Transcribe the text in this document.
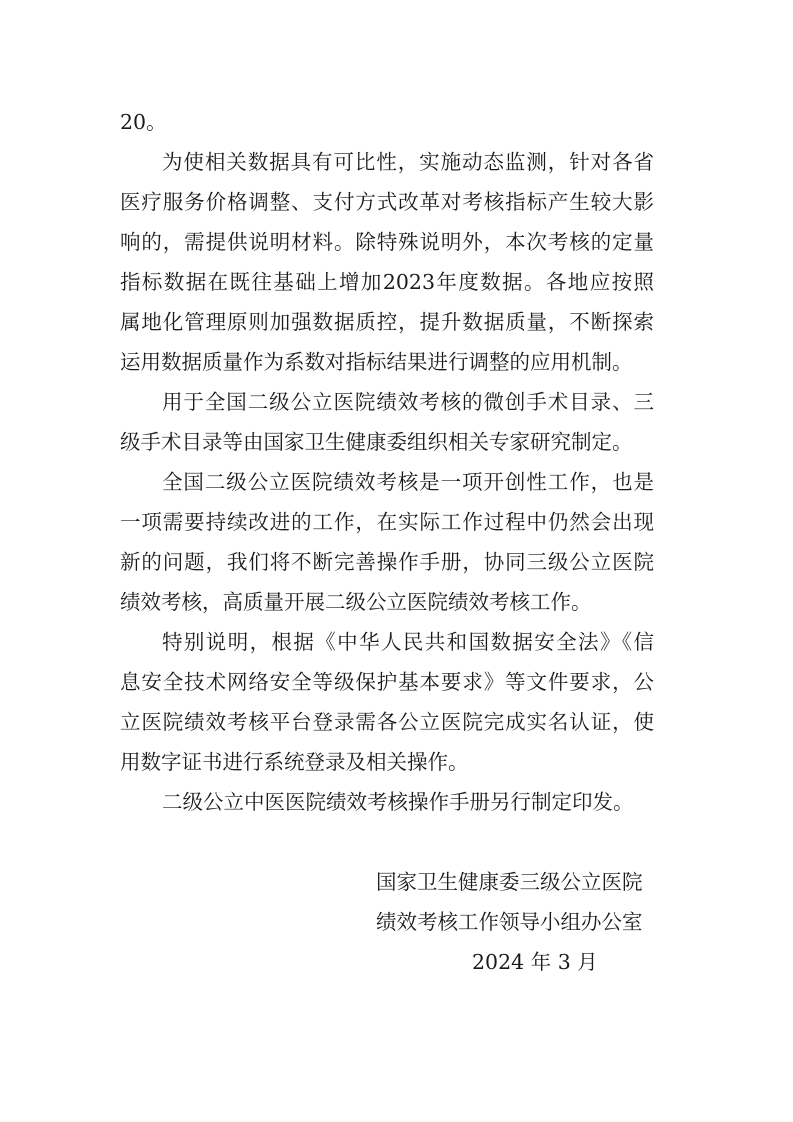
20。
为使相关数据具有可比性，实施动态监测，针对各省
医疗服务价格调整、支付方式改革对考核指标产生较大影
响的，需提供说明材料。除特殊说明外，本次考核的定量
指标数据在既往基础上增加2023年度数据。各地应按照
属地化管理原则加强数据质控，提升数据质量，不断探索
运用数据质量作为系数对指标结果进行调整的应用机制。
用于全国二级公立医院绩效考核的微创手术目录、三
级手术目录等由国家卫生健康委组织相关专家研究制定。
全国二级公立医院绩效考核是一项开创性工作，也是
一项需要持续改进的工作，在实际工作过程中仍然会出现
新的问题，我们将不断完善操作手册，协同三级公立医院
绩效考核，高质量开展二级公立医院绩效考核工作。
特别说明，根据《中华人民共和国数据安全法》《信
息安全技术网络安全等级保护基本要求》等文件要求，公
立医院绩效考核平台登录需各公立医院完成实名认证，使
用数字证书进行系统登录及相关操作。
二级公立中医医院绩效考核操作手册另行制定印发。
国家卫生健康委三级公立医院
绩效考核工作领导小组办公室
2024 年 3 月
